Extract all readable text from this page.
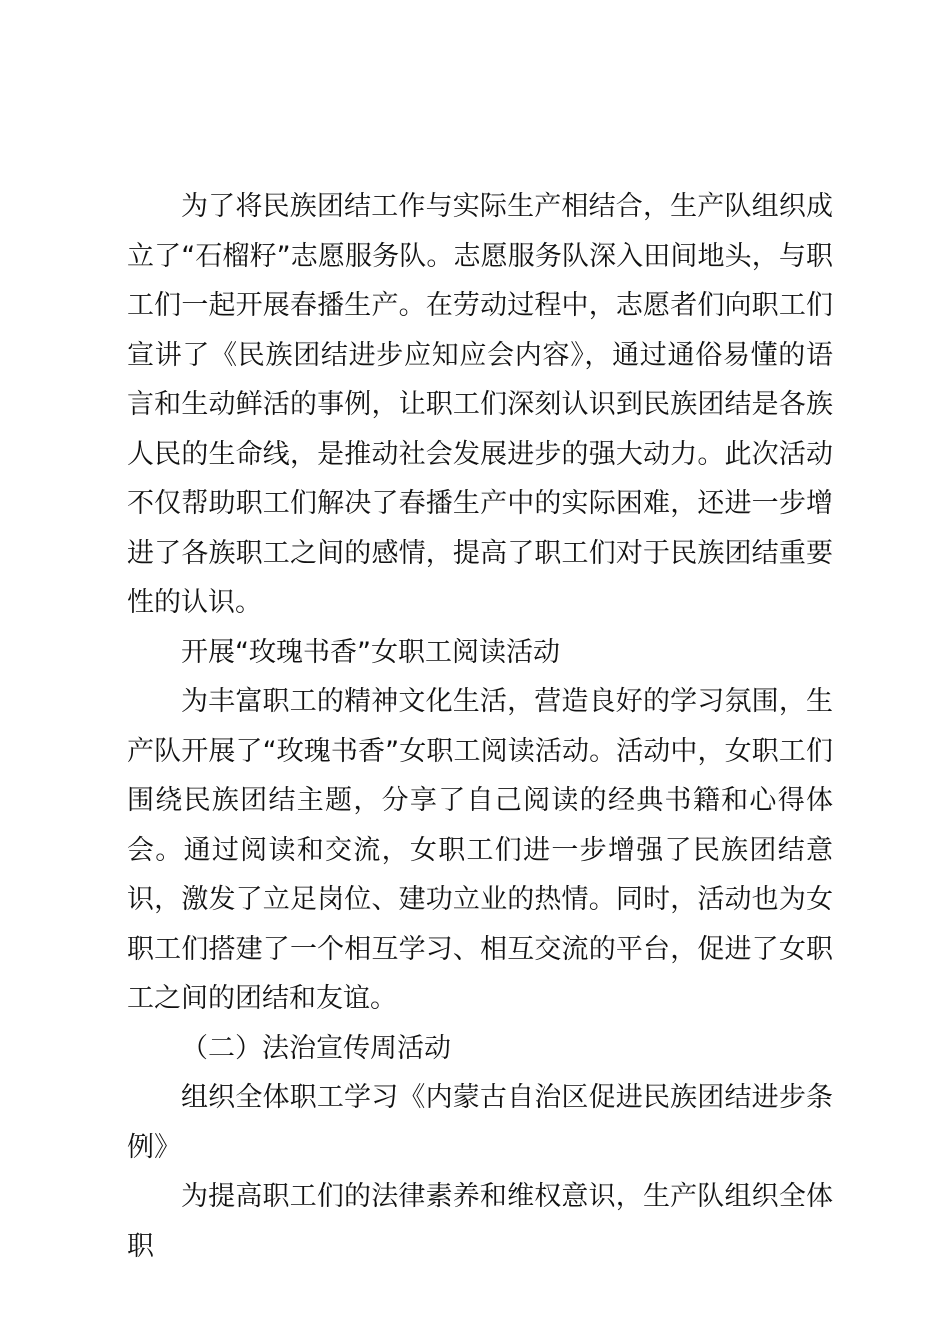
为了将民族团结工作与实际生产相结合，生产队组织成立了“石榴籽”志愿服务队。志愿服务队深入田间地头，与职工们一起开展春播生产。在劳动过程中，志愿者们向职工们宣讲了《民族团结进步应知应会内容》，通过通俗易懂的语言和生动鲜活的事例，让职工们深刻认识到民族团结是各族人民的生命线，是推动社会发展进步的强大动力。此次活动不仅帮助职工们解决了春播生产中的实际困难，还进一步增进了各族职工之间的感情，提高了职工们对于民族团结重要性的认识。

开展“玫瑰书香”女职工阅读活动

为丰富职工的精神文化生活，营造良好的学习氛围，生产队开展了“玫瑰书香”女职工阅读活动。活动中，女职工们围绕民族团结主题，分享了自己阅读的经典书籍和心得体会。通过阅读和交流，女职工们进一步增强了民族团结意识，激发了立足岗位、建功立业的热情。同时，活动也为女职工们搭建了一个相互学习、相互交流的平台，促进了女职工之间的团结和友谊。

（二）法治宣传周活动

组织全体职工学习《内蒙古自治区促进民族团结进步条例》

为提高职工们的法律素养和维权意识，生产队组织全体职
